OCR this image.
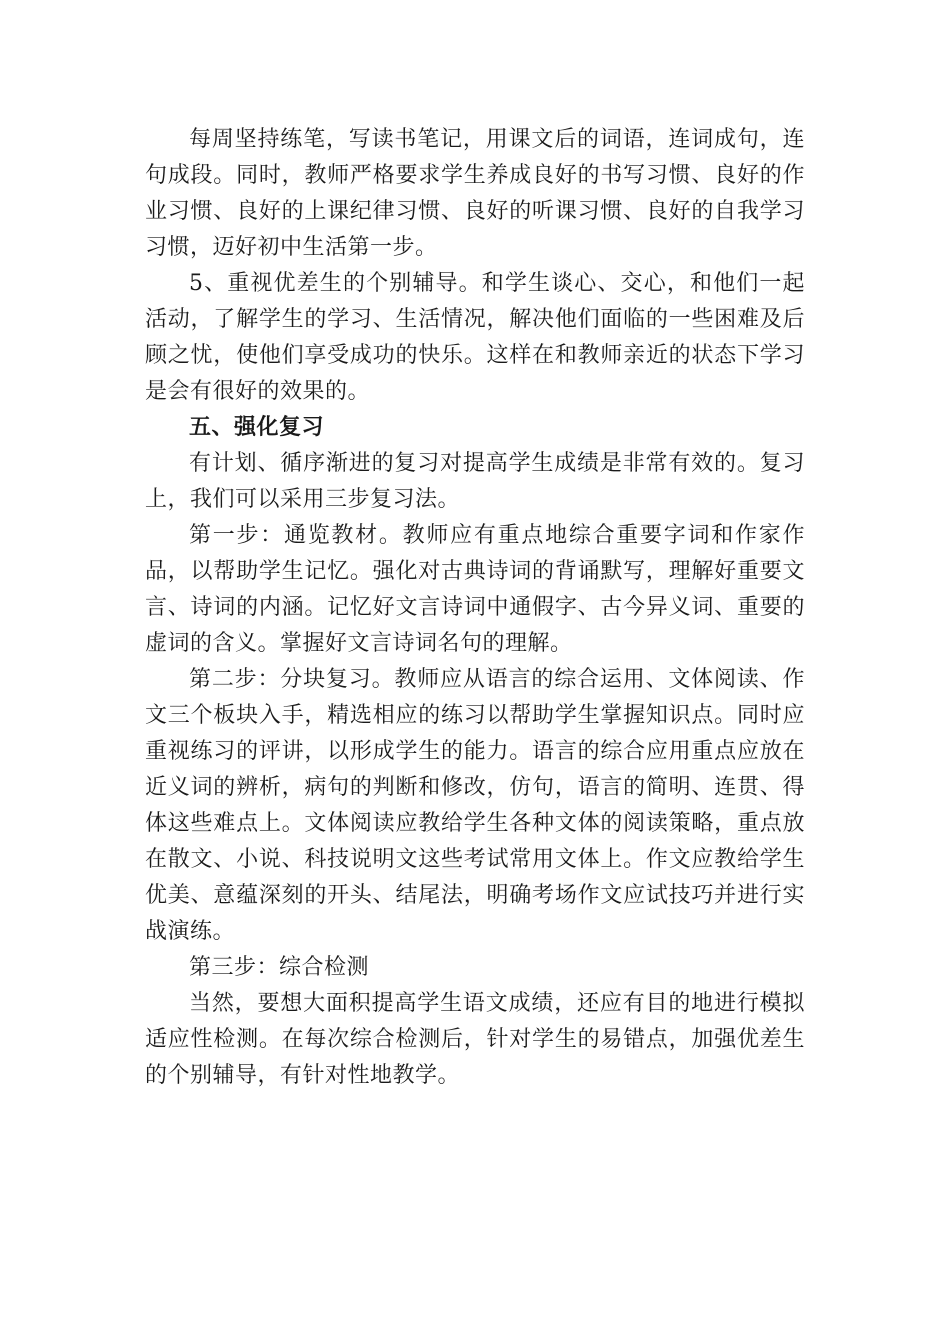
每周坚持练笔，写读书笔记，用课文后的词语，连词成句，连句成段。同时，教师严格要求学生养成良好的书写习惯、良好的作业习惯、良好的上课纪律习惯、良好的听课习惯、良好的自我学习习惯，迈好初中生活第一步。

5、重视优差生的个别辅导。和学生谈心、交心，和他们一起活动，了解学生的学习、生活情况，解决他们面临的一些困难及后顾之忧，使他们享受成功的快乐。这样在和教师亲近的状态下学习是会有很好的效果的。

五、强化复习

有计划、循序渐进的复习对提高学生成绩是非常有效的。复习上，我们可以采用三步复习法。

第一步：通览教材。教师应有重点地综合重要字词和作家作品，以帮助学生记忆。强化对古典诗词的背诵默写，理解好重要文言、诗词的内涵。记忆好文言诗词中通假字、古今异义词、重要的虚词的含义。掌握好文言诗词名句的理解。

第二步：分块复习。教师应从语言的综合运用、文体阅读、作文三个板块入手，精选相应的练习以帮助学生掌握知识点。同时应重视练习的评讲，以形成学生的能力。语言的综合应用重点应放在近义词的辨析，病句的判断和修改，仿句，语言的简明、连贯、得体这些难点上。文体阅读应教给学生各种文体的阅读策略，重点放在散文、小说、科技说明文这些考试常用文体上。作文应教给学生优美、意蕴深刻的开头、结尾法，明确考场作文应试技巧并进行实战演练。

第三步：综合检测

当然，要想大面积提高学生语文成绩，还应有目的地进行模拟适应性检测。在每次综合检测后，针对学生的易错点，加强优差生的个别辅导，有针对性地教学。
